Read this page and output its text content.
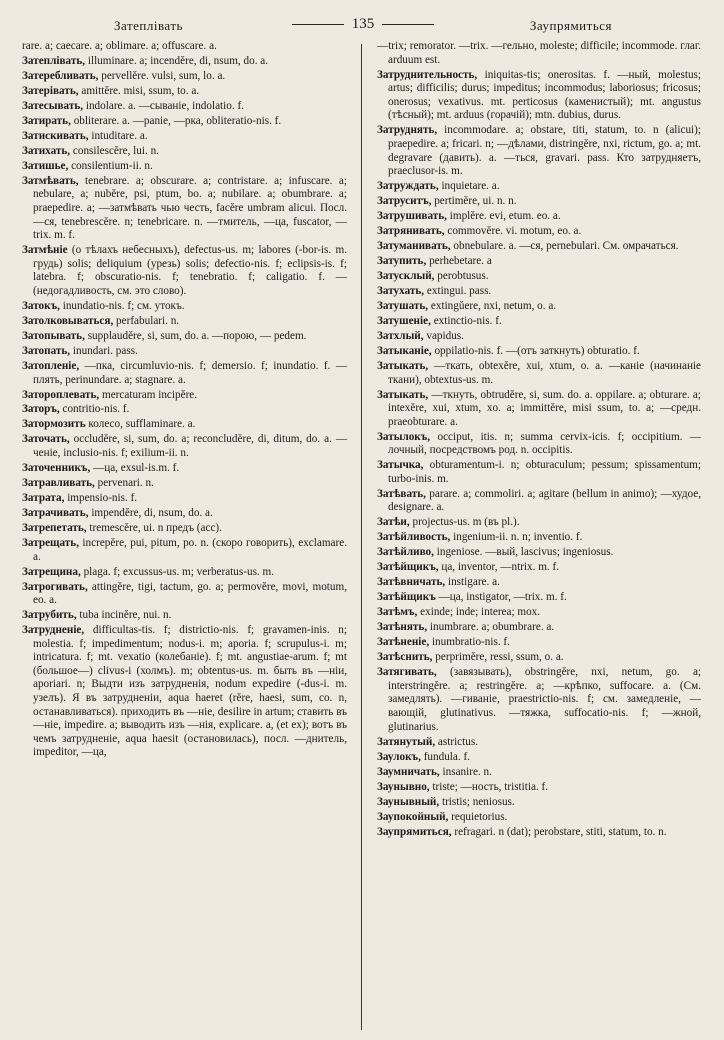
Затеплiвать	135	Заупрямиться
rare. a; caecare. a; oblimare. a; offuscare. a.
Затеплiвать, illuminare. a; incendĕre, di, nsum, do. a.
Затеребливать, pervellĕre. vulsi, sum, lo. a.
Затерiвать, amittĕre. misi, ssum, to. a.
Затесывать, indolare. a. —сыванiе, indolatio. f.
Затирать, obliterare. a. —panie, —рка, obliteratio-nis. f.
Затискивать, intuditare. a.
Затихать, consilescĕre, lui. n.
Затишье, consilentium-ii. n.
Затмѣвать, tenebrare. a; obscurare. a; contristare. a; infuscare. a; nebulare, a; nubĕre, psi, ptum, bo. a; nubilare. a; obumbrare. a; praepedire. a; —затмѣвать чью честь, facĕre umbram alicui. Пoсл. —ся, tenebrescĕre. n; tenebricare. n. —тмитель, —ца, fuscator, —trix. m. f.
Затмѣнiе (о тѣлахъ небесныхъ), defectus-us. m; labores (-bor-is. m. грудь) solis; deliquium (урезь) solis; defectio-nis. f; eclipsis-is. f; latebra. f; obscuratio-nis. f; tenebratio. f; caligatio. f. —(недогадливость, см. это слово).
Затокъ, inundatio-nis. f; см. утокъ.
Затолковываться, perfabulari. n.
Затопывать, supplaudĕre, si, sum, do. a. —порою, — pedem.
Затопать, inundari. pass.
Затопленiе, —пка, circumluvio-nis. f; demersio. f; inundatio. f. —плять, perinundare. a; stagnare. a.
Затороплевать, mercaturam incipĕre.
Заторъ, contritio-nis. f.
Затормозить колесо, sufflaminare. a.
Заточать, occludĕre, si, sum, do. a; reconcludĕre, di, ditum, do. a. —ченiе, inclusio-nis. f; exilium-ii. n.
Заточенникъ, —ца, exsul-is.m. f.
Затравливать, pervenari. n.
Затрата, impensio-nis. f.
Затрачивать, impendĕre, di, nsum, do. a.
Затрепетать, tremescĕre, ui. n предъ (acc).
Затрещать, increpĕre, pui, pitum, po. n. (скоро говорить), exclamare. a.
Затрещина, plaga. f; excussus-us. m; verberatus-us. m.
Затрогивать, attingĕre, tigi, tactum, go. a; permovĕre, movi, motum, eo. a.
Затрубить, tuba incinĕre, nui. n.
Затрудненiе, difficultas-tis. f; districtio-nis. f; gravamen-inis. n; molestia. f; impedimentum; nodus-i. m; aporia. f; scrupulus-i. m; intricatura. f; mt. vexatio (колебанiе). f; mt. angustiae-arum. f; mt (большое—) clivus-i (холмъ). m; obtentus-us. m. быть въ —нiи, aporiari. n; Выдти изъ затрудненiя, nodum expedire (-dus-i. m. узелъ). Я въ затрудненiи, aqua haeret (rĕre, haesi, sum, co. n, останавливаться). приходить въ —нiе, desilire in artum; ставить въ —нiе, impedire. a; выводить изъ —нiя, explicare. a, (et ex); вотъ въ чемъ затрудненiе, aqua haesit (остановилась), посл. —днитель, impeditor, —ца,
—trix; remorator. —trix. —гельно, moleste; difficile; incommode. глаг. arduum est.
Затруднительность, iniquitas-tis; onerositas. f. —ный, molestus; artus; difficilis; durus; impeditus; incommodus; laboriosus; fricosus; onerosus; vexativus. mt. perticosus (каменистый); mt. angustus (тѣсный); mt. arduus (горачiй); mtn. dubius, durus.
Затруднять, incommodare. a; obstare, titi, statum, to. n (alicui); praepedire. a; fricari. n; —дѣлами, distringĕre, nxi, rictum, go. a; mt. degravare (давить). a. —тьcя, gravari. pass. Кто затрудняетъ, praeclusor-is. m.
Затруждать, inquietare. a.
Затруситъ, pertimĕre, ui. n. n.
Затрушивать, implĕre. evi, etum. eo. a.
Затрянивать, commovĕre. vi. motum, eo. a.
Затуманивать, obnebulare. a. —ся, pernebulari. См. омрачаться.
Затупить, perhebetare. a
Затусклый, perobtusus.
Затухать, extingui. pass.
Затушать, extingŭere, nxi, netum, o. a.
Затушенiе, extinctio-nis. f.
Затхлый, vapidus.
Затыканiе, oppilatio-nis. f. —(отъ заткнуть) obturatio. f.
Затыкать, —ткать, obtexĕre, xui, xtum, o. a. —канiе (начинанiе ткани), obtextus-us. m.
Затыкать, —ткнуть, obtrudĕre, si, sum. do. a. oppilare. a; obturare. a; intexĕre, xui, xtum, xo. a; immittĕre, misi ssum, to. a; —средн. praeobturare. a.
Затылокъ, occiput, itis. n; summa cervix-icis. f; occipitium. —лочный, посредствомъ род. n. occipitis.
Затычка, obturamentum-i. n; obturaculum; pessum; spissamentum; turbo-inis. m.
Затѣвать, parare. a; commoliri. a; agitare (bellum in animo); —худое, designare. a.
Затѣи, projectus-us. m (въ pl.).
Затѣйливость, ingenium-ii. n. n; inventio. f.
Затѣйливо, ingeniose. —вый, lascivus; ingeniosus.
Затѣйщикъ, ца, inventor, —ntrix. m. f.
Затѣвничать, instigare. a.
Затѣйщикъ —ца, instigator, —trix. m. f.
Затѣмъ, exinde; inde; interea; mox.
Затѣнять, inumbrare. a; obumbrare. a.
Затѣненiе, inumbratio-nis. f.
Затѣснить, perprimĕre, ressi, ssum, o. a.
Затягивать, (завязывать), obstringĕre, nxi, netum, go. a; interstringĕre. a; restringĕre. a; —крѣпко, suffocare. a. (См. замедлять). —гиванiе, praestrictio-nis. f; см. замедленiе, —вающiй, glutinativus. —тяжка, suffocatio-nis. f; —жной, glutinarius.
Затянутый, astrictus.
Заулокъ, fundula. f.
Заумничать, insanire. n.
Заунывно, triste; —ность, tristitia. f.
Заунывный, tristis; neniosus.
Заупокойный, requietorius.
Заупрямиться, refragari. n (dat); perobstare, stiti, statum, to. n.
